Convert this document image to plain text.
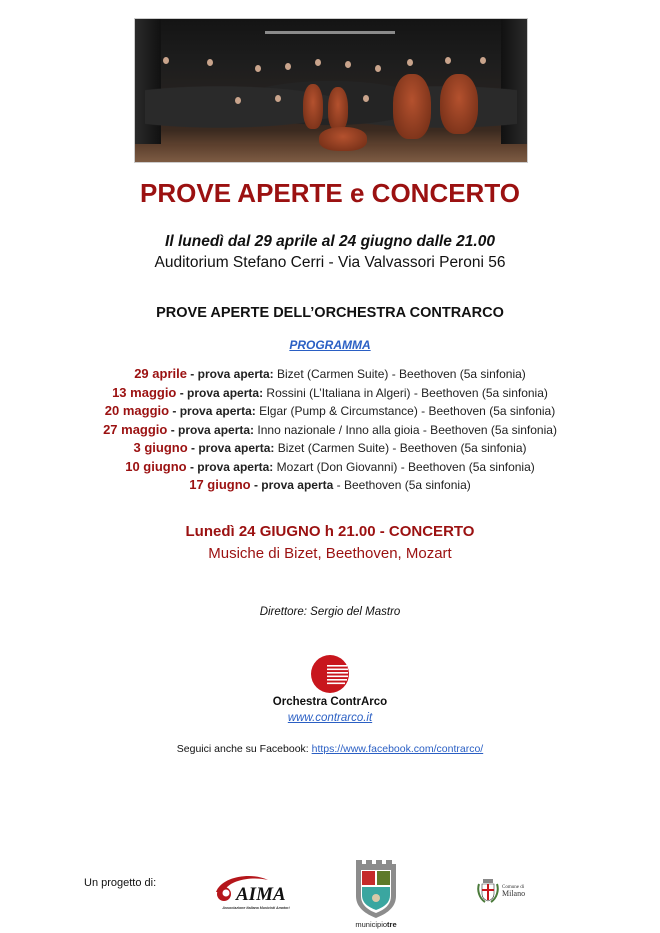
PROVE APERTE e CONCERTO
Il lunedì dal 29 aprile al 24 giugno dalle 21.00
Auditorium Stefano Cerri - Via Valvassori Peroni 56
PROVE APERTE DELL’ORCHESTRA CONTRARCO
PROGRAMMA
29 aprile - prova aperta: Bizet (Carmen Suite) - Beethoven (5a sinfonia)
13 maggio - prova aperta: Rossini (L’Italiana in Algeri) - Beethoven (5a sinfonia)
20 maggio - prova aperta: Elgar (Pump & Circumstance) - Beethoven (5a sinfonia)
27 maggio - prova aperta: Inno nazionale / Inno alla gioia - Beethoven (5a sinfonia)
3 giugno - prova aperta: Bizet (Carmen Suite) - Beethoven (5a sinfonia)
10 giugno - prova aperta: Mozart (Don Giovanni) - Beethoven (5a sinfonia)
17 giugno - prova aperta - Beethoven (5a sinfonia)
Lunedì 24 GIUGNO h 21.00 - CONCERTO
Musiche di Bizet, Beethoven, Mozart
Direttore: Sergio del Mastro
Orchestra ContrArco
www.contrarco.it
Seguici anche su Facebook: https://www.facebook.com/contrarco/
Un progetto di:
AIMA
Associazione Italiana Musicisti Amatori
municipiotre
Comune di
Milano
